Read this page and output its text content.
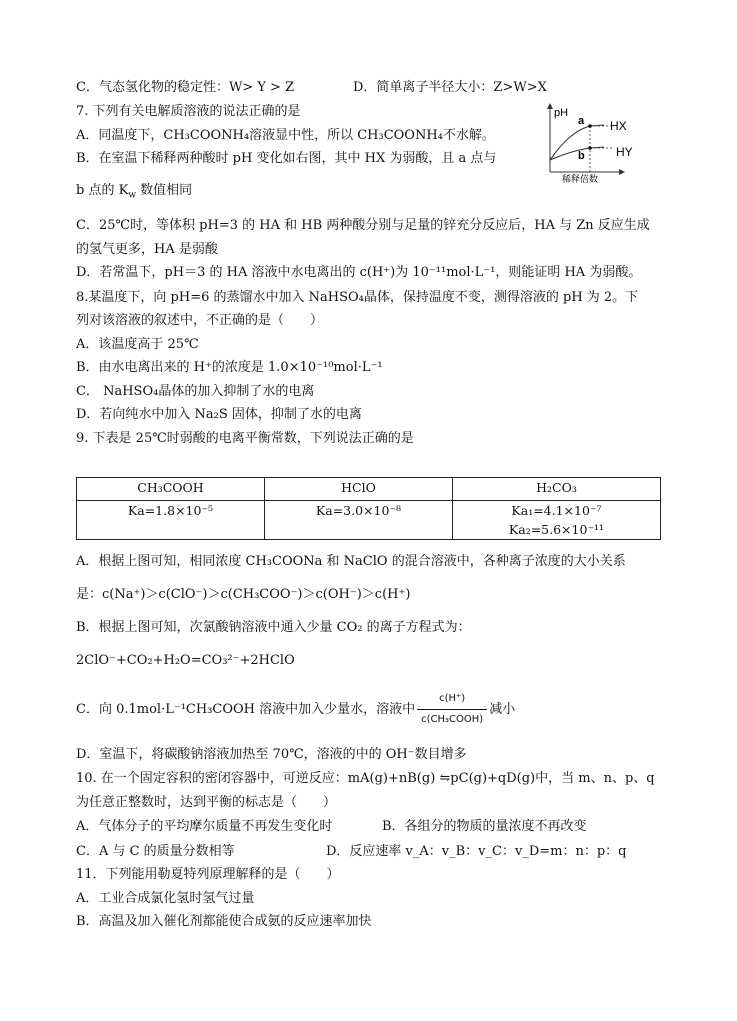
C．气态氢化物的稳定性：W> Y > Z	D．简单离子半径大小：Z>W>X
7. 下列有关电解质溶液的说法正确的是
A．同温度下，CH₃COONH₄溶液显中性，所以 CH₃COONH₄不水解。
B．在室温下稀释两种酸时 pH 变化如右图，其中 HX 为弱酸，且 a 点与
b 点的 $K_w$ 数值相同
C．25℃时，等体积 pH=3 的 HA 和 HB 两种酸分别与足量的锌充分反应后，HA 与 Zn 反应生成
的氢气更多，HA 是弱酸
D．若常温下，pH＝3 的 HA 溶液中水电离出的 c(H⁺)为 10⁻¹¹mol·L⁻¹，则能证明 HA 为弱酸。
pH
a
b
HX
HY
稀释倍数
8.某温度下，向 pH=6 的蒸馏水中加入 NaHSO₄晶体，保持温度不变，测得溶液的 pH 为 2。下
列对该溶液的叙述中，不正确的是（　　）
A．该温度高于 25℃
B．由水电离出来的 H⁺的浓度是 1.0×10⁻¹⁰mol·L⁻¹
C． NaHSO₄晶体的加入抑制了水的电离
D．若向纯水中加入 Na₂S 固体，抑制了水的电离
9. 下表是 25℃时弱酸的电离平衡常数，下列说法正确的是
CH₃COOH	HClO	H₂CO₃
Ka=1.8×10⁻⁵	Ka=3.0×10⁻⁸	Ka₁=4.1×10⁻⁷
Ka₂=5.6×10⁻¹¹
A．根据上图可知，相同浓度 CH₃COONa 和 NaClO 的混合溶液中，各种离子浓度的大小关系
是：c(Na⁺)＞c(ClO⁻)＞c(CH₃COO⁻)＞c(OH⁻)＞c(H⁺)
B．根据上图可知，次氯酸钠溶液中通入少量 CO₂ 的离子方程式为：
2ClO⁻+CO₂+H₂O=CO₃²⁻+2HClO
C．向 0.1mol·L⁻¹CH₃COOH 溶液中加入少量水，溶液中 $\frac{c(H^+)}{\text{c(CH₃COOH)}}$ 减小
D．室温下，将碳酸钠溶液加热至 70℃，溶液的中的 OH⁻数目增多
10. 在一个固定容积的密闭容器中，可逆反应：mA(g)+nB(g) ⇋pC(g)+qD(g)中，当 m、n、p、q
为任意正整数时，达到平衡的标志是（　　）
A．气体分子的平均摩尔质量不再发生变化时	B．各组分的物质的量浓度不再改变
C．A 与 C 的质量分数相等	D．反应速率 v_A：v_B：v_C：v_D=m：n：p：q
11．下列能用勒夏特列原理解释的是（　　）
A．工业合成氯化氢时氢气过量
B．高温及加入催化剂都能使合成氨的反应速率加快
